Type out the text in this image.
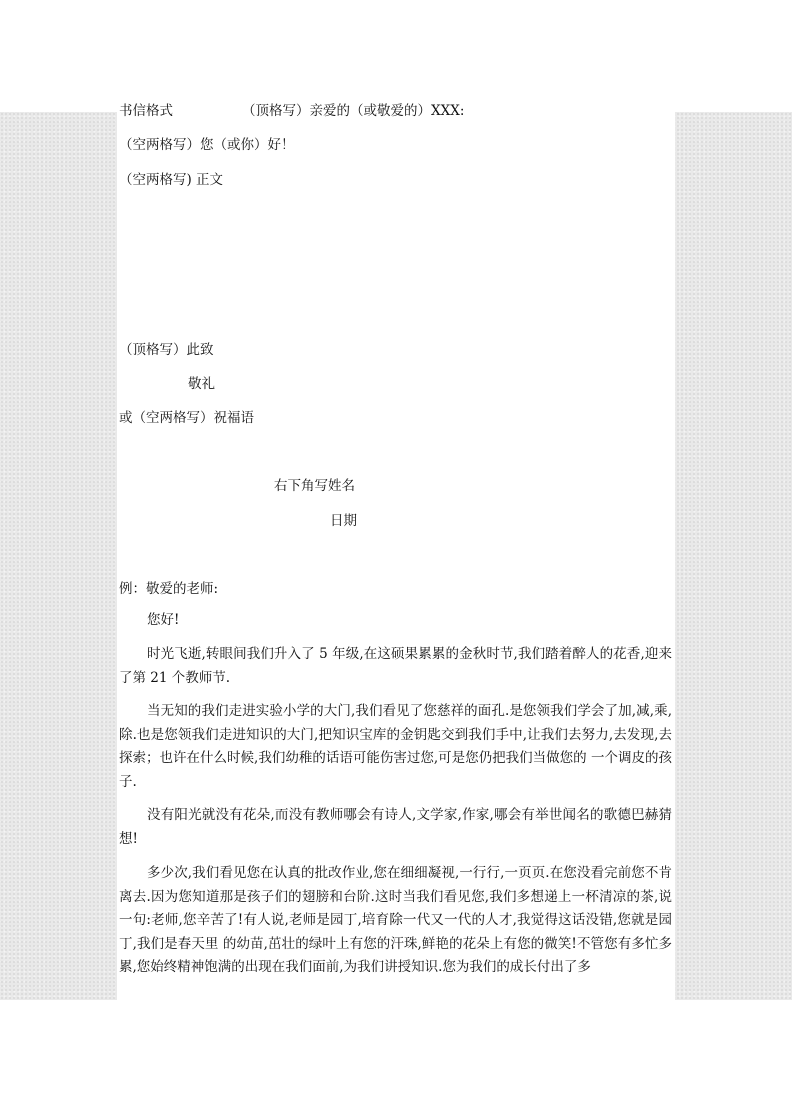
书信格式	（顶格写）亲爱的（或敬爱的）XXX:
（空两格写）您（或你）好！
（空两格写) 正文
（顶格写）此致
敬礼
或（空两格写）祝福语
右下角写姓名
日期
例：敬爱的老师:
您好!
时光飞逝,转眼间我们升入了 5 年级,在这硕果累累的金秋时节,我们踏着醉人的花香,迎来了第 21 个教师节.
当无知的我们走进实验小学的大门,我们看见了您慈祥的面孔.是您领我们学会了加,减,乘,除.也是您领我们走进知识的大门,把知识宝库的金钥匙交到我们手中,让我们去努力,去发现,去探索；也许在什么时候,我们幼稚的话语可能伤害过您,可是您仍把我们当做您的 一个调皮的孩子.
没有阳光就没有花朵,而没有教师哪会有诗人,文学家,作家,哪会有举世闻名的歌德巴赫猜想!
多少次,我们看见您在认真的批改作业,您在细细凝视,一行行,一页页.在您没看完前您不肯离去.因为您知道那是孩子们的翅膀和台阶.这时当我们看见您,我们多想递上一杯清凉的茶,说一句:老师,您辛苦了!有人说,老师是园丁,培育除一代又一代的人才,我觉得这话没错,您就是园丁,我们是春天里 的幼苗,茁壮的绿叶上有您的汗珠,鲜艳的花朵上有您的微笑!不管您有多忙多累,您始终精神饱满的出现在我们面前,为我们讲授知识.您为我们的成长付出了多
